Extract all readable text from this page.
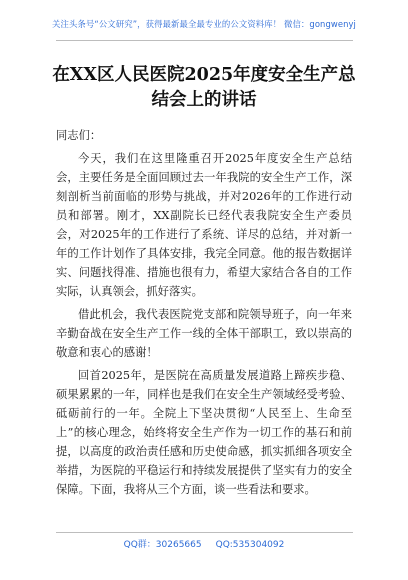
关注头条号“公文研究”，获得最新最全最专业的公文资料库！ 微信：gongwenyj
在XX区人民医院2025年度安全生产总
结会上的讲话

同志们：

今天，我们在这里隆重召开2025年度安全生产总结会，主要任务是全面回顾过去一年我院的安全生产工作，深刻剖析当前面临的形势与挑战，并对2026年的工作进行动员和部署。刚才，XX副院长已经代表我院安全生产委员会，对2025年的工作进行了系统、详尽的总结，并对新一年的工作计划作了具体安排，我完全同意。他的报告数据详实、问题找得准、措施也很有力，希望大家结合各自的工作实际，认真领会，抓好落实。

借此机会，我代表医院党支部和院领导班子，向一年来辛勤奋战在安全生产工作一线的全体干部职工，致以崇高的敬意和衷心的感谢！

回首2025年，是医院在高质量发展道路上蹄疾步稳、硕果累累的一年，同样也是我们在安全生产领域经受考验、砥砺前行的一年。全院上下坚决贯彻“人民至上、生命至上”的核心理念，始终将安全生产作为一切工作的基石和前提，以高度的政治责任感和历史使命感，抓实抓细各项安全举措，为医院的平稳运行和持续发展提供了坚实有力的安全保障。下面，我将从三个方面，谈一些看法和要求。

QQ群：30265665 QQ:535304092
